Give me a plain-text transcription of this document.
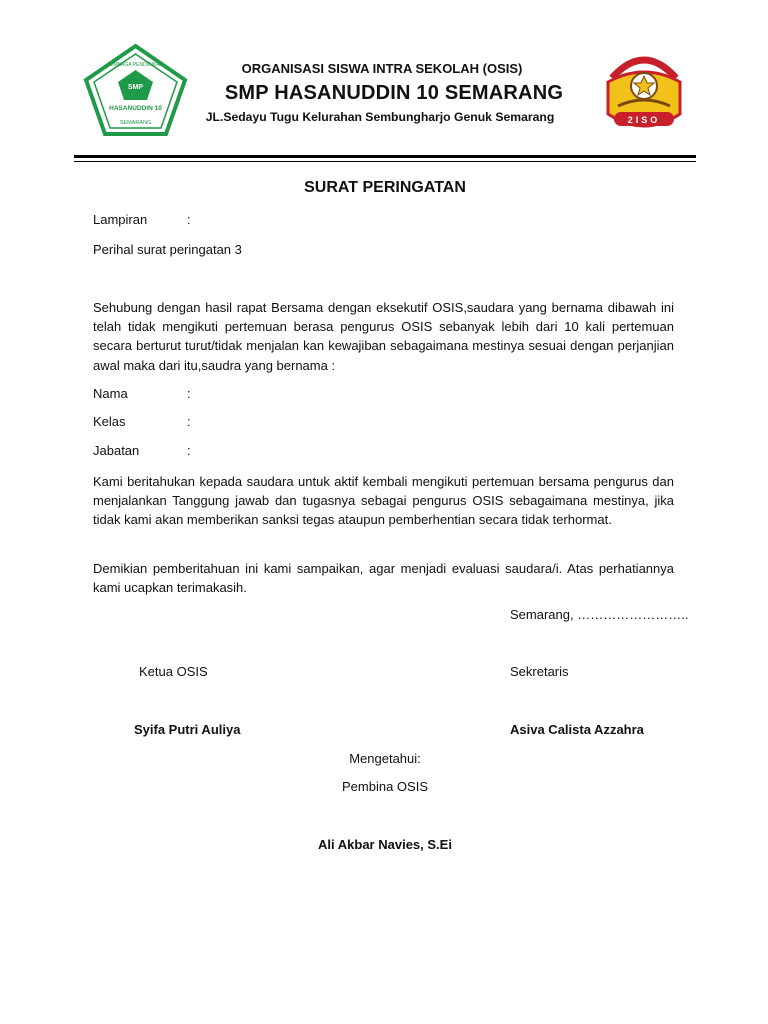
SMP
LEMBAGA PENDIDIKAN
HASANUDDIN 10
SEMARANG	2ISO
ORGANISASI SISWA INTRA SEKOLAH (OSIS)
SMP HASANUDDIN 10 SEMARANG
JL.Sedayu Tugu Kelurahan Sembungharjo Genuk Semarang
SURAT PERINGATAN
Lampiran	:
Perihal surat peringatan 3
Sehubung dengan hasil rapat Bersama dengan eksekutif OSIS,saudara yang bernama dibawah ini telah tidak mengikuti pertemuan berasa pengurus OSIS sebanyak lebih dari 10 kali pertemuan secara berturut turut/tidak menjalan kan kewajiban sebagaimana mestinya sesuai dengan perjanjian awal maka dari itu,saudra yang bernama :
Nama	:
Kelas	:
Jabatan	:
Kami beritahukan kepada saudara untuk aktif kembali mengikuti pertemuan bersama pengurus dan menjalankan Tanggung jawab dan tugasnya sebagai pengurus OSIS sebagaimana mestinya, jika tidak kami akan memberikan sanksi tegas ataupun pemberhentian secara tidak terhormat.
Demikian pemberitahuan ini kami sampaikan, agar menjadi evaluasi saudara/i. Atas perhatiannya kami ucapkan terimakasih.
Semarang, ……………………..
Ketua OSIS	Sekretaris
Syifa Putri Auliya	Asiva Calista Azzahra
Mengetahui:
Pembina OSIS
Ali Akbar Navies, S.Ei
